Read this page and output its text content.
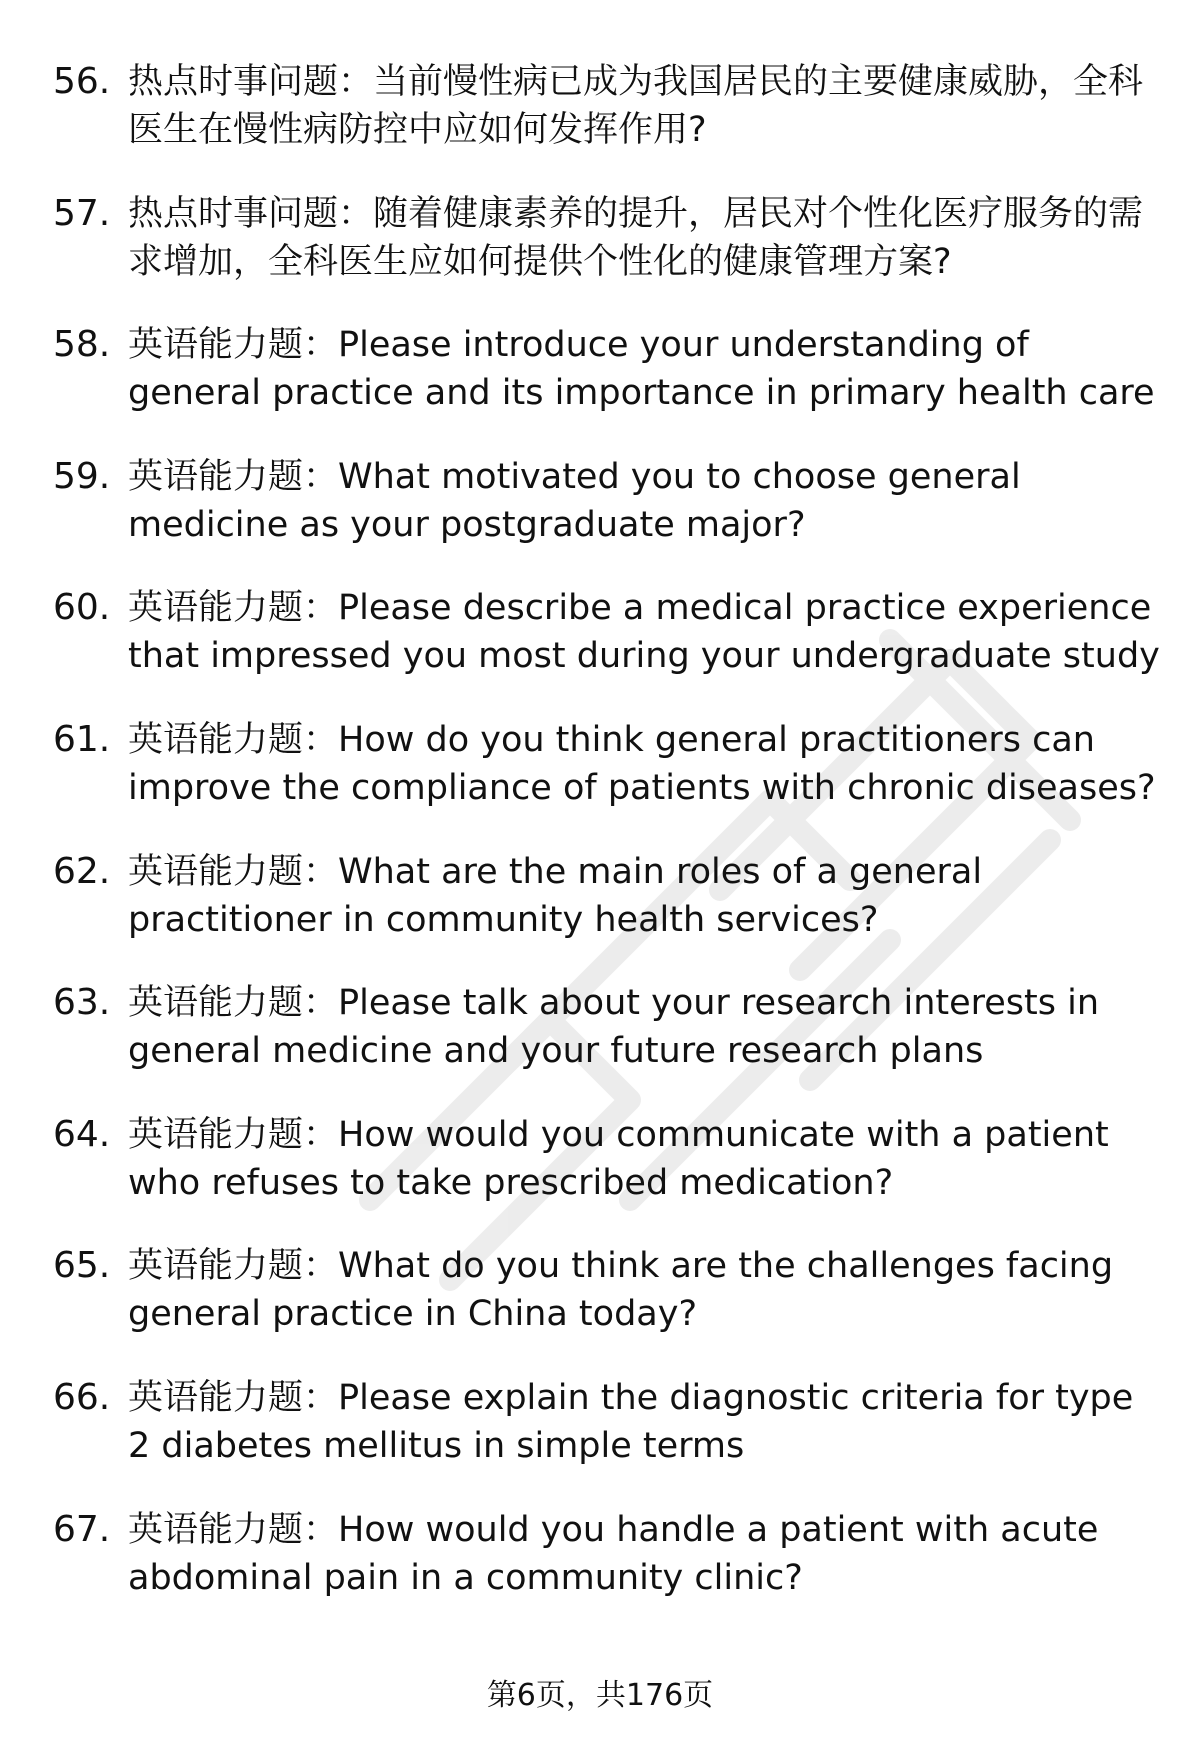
56. 热点时事问题：当前慢性病已成为我国居民的主要健康威胁，全科医生在慢性病防控中应如何发挥作用?
57. 热点时事问题：随着健康素养的提升，居民对个性化医疗服务的需求增加，全科医生应如何提供个性化的健康管理方案?
58. 英语能力题：Please introduce your understanding of general practice and its importance in primary health care
59. 英语能力题：What motivated you to choose general medicine as your postgraduate major?
60. 英语能力题：Please describe a medical practice experience that impressed you most during your undergraduate study
61. 英语能力题：How do you think general practitioners can improve the compliance of patients with chronic diseases?
62. 英语能力题：What are the main roles of a general practitioner in community health services?
63. 英语能力题：Please talk about your research interests in general medicine and your future research plans
64. 英语能力题：How would you communicate with a patient who refuses to take prescribed medication?
65. 英语能力题：What do you think are the challenges facing general practice in China today?
66. 英语能力题：Please explain the diagnostic criteria for type 2 diabetes mellitus in simple terms
67. 英语能力题：How would you handle a patient with acute abdominal pain in a community clinic?
第6页，共176页
